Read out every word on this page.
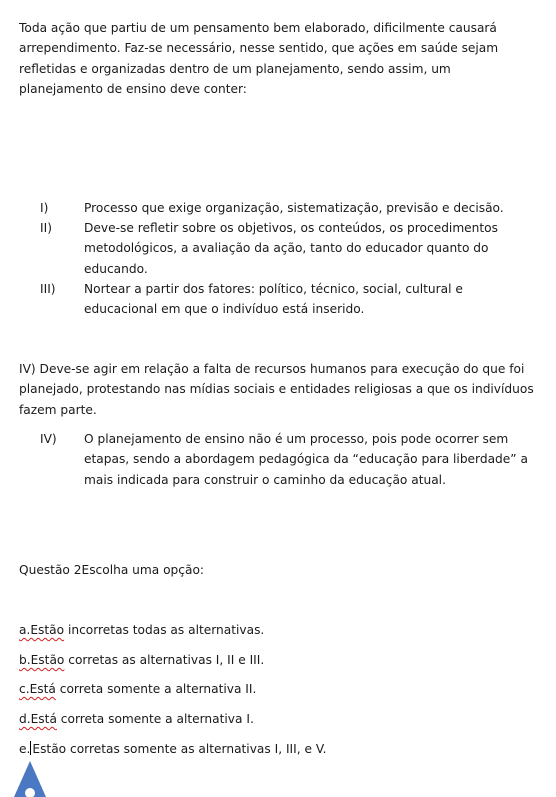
Toda ação que partiu de um pensamento bem elaborado, dificilmente causará arrependimento. Faz-se necessário, nesse sentido, que ações em saúde sejam refletidas e organizadas dentro de um planejamento, sendo assim, um planejamento de ensino deve conter:

I)	Processo que exige organização, sistematização, previsão e decisão.
II)	Deve-se refletir sobre os objetivos, os conteúdos, os procedimentos metodológicos, a avaliação da ação, tanto do educador quanto do educando.
III) Nortear a partir dos fatores: político, técnico, social, cultural e educacional em que o indivíduo está inserido.

IV) Deve-se agir em relação a falta de recursos humanos para execução do que foi planejado, protestando nas mídias sociais e entidades religiosas a que os indivíduos fazem parte.

IV) O planejamento de ensino não é um processo, pois pode ocorrer sem etapas, sendo a abordagem pedagógica da “educação para liberdade” a mais indicada para construir o caminho da educação atual.

Questão 2Escolha uma opção:

a.Estão incorretas todas as alternativas.
b.Estão corretas as alternativas I, II e III.
c.Está correta somente a alternativa II.
d.Está correta somente a alternativa I.
e. Estão corretas somente as alternativas I, III, e V.
